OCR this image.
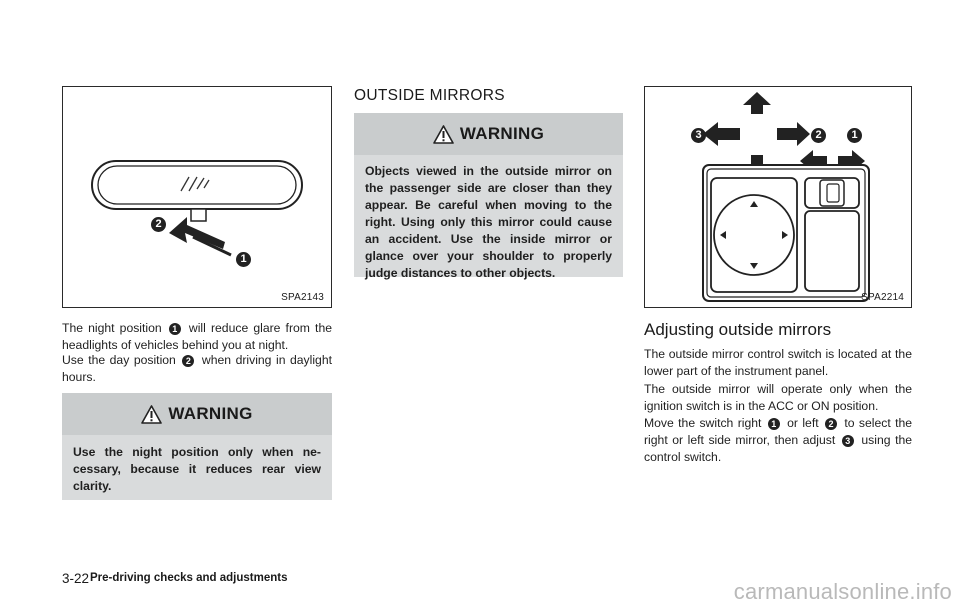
2
1
SPA2143

The night position 1 will reduce glare from the headlights of vehicles behind you at night.

Use the day position 2 when driving in daylight hours.

WARNING
Use the night position only when ne-cessary, because it reduces rear view clarity.
OUTSIDE MIRRORS
WARNING
Objects viewed in the outside mirror on the passenger side are closer than they appear. Be careful when moving to the right. Using only this mirror could cause an accident. Use the inside mirror or glance over your shoulder to properly judge distances to other objects.
3	2	1
SPA2214
Adjusting outside mirrors

The outside mirror control switch is located at the lower part of the instrument panel.

The outside mirror will operate only when the ignition switch is in the ACC or ON position.

Move the switch right 1 or left 2 to select the right or left side mirror, then adjust 3 using the control switch.

3-22 Pre-driving checks and adjustments
carmanualsonline.info
